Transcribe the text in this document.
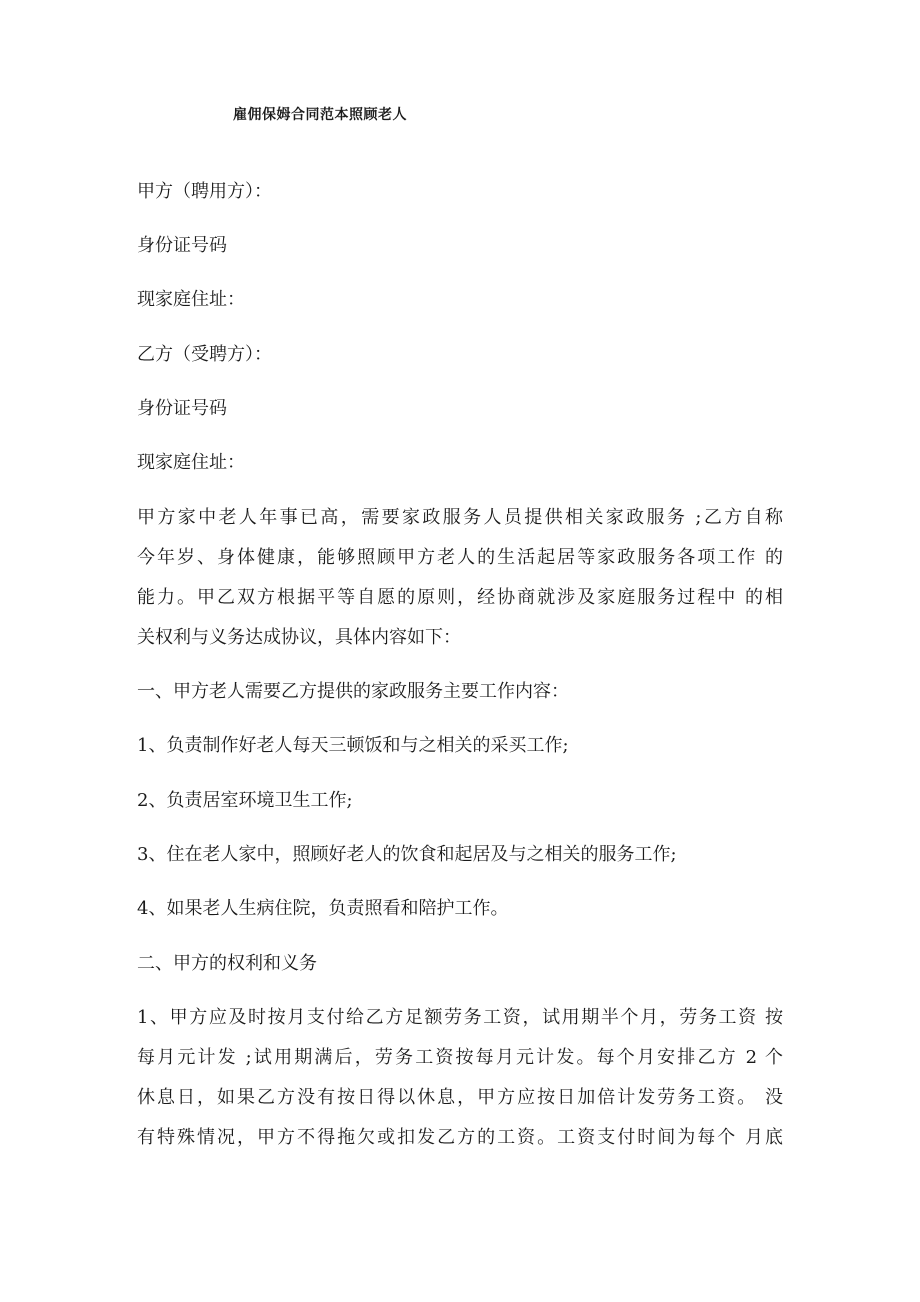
雇佣保姆合同范本照顾老人

甲方（聘用方）：

身份证号码

现家庭住址：

乙方（受聘方）：

身份证号码

现家庭住址：

甲方家中老人年事已高，需要家政服务人员提供相关家政服务 ;乙方自称

今年岁、身体健康，能够照顾甲方老人的生活起居等家政服务各项工作 的

能力。甲乙双方根据平等自愿的原则，经协商就涉及家庭服务过程中 的相

关权利与义务达成协议，具体内容如下：

一、甲方老人需要乙方提供的家政服务主要工作内容：

1、负责制作好老人每天三顿饭和与之相关的采买工作;

2、负责居室环境卫生工作;

3、住在老人家中，照顾好老人的饮食和起居及与之相关的服务工作;

4、如果老人生病住院，负责照看和陪护工作。

二、甲方的权利和义务

1、甲方应及时按月支付给乙方足额劳务工资，试用期半个月，劳务工资 按

每月元计发 ;试用期满后，劳务工资按每月元计发。每个月安排乙方 2 个

休息日，如果乙方没有按日得以休息，甲方应按日加倍计发劳务工资。 没

有特殊情况，甲方不得拖欠或扣发乙方的工资。工资支付时间为每个 月底
